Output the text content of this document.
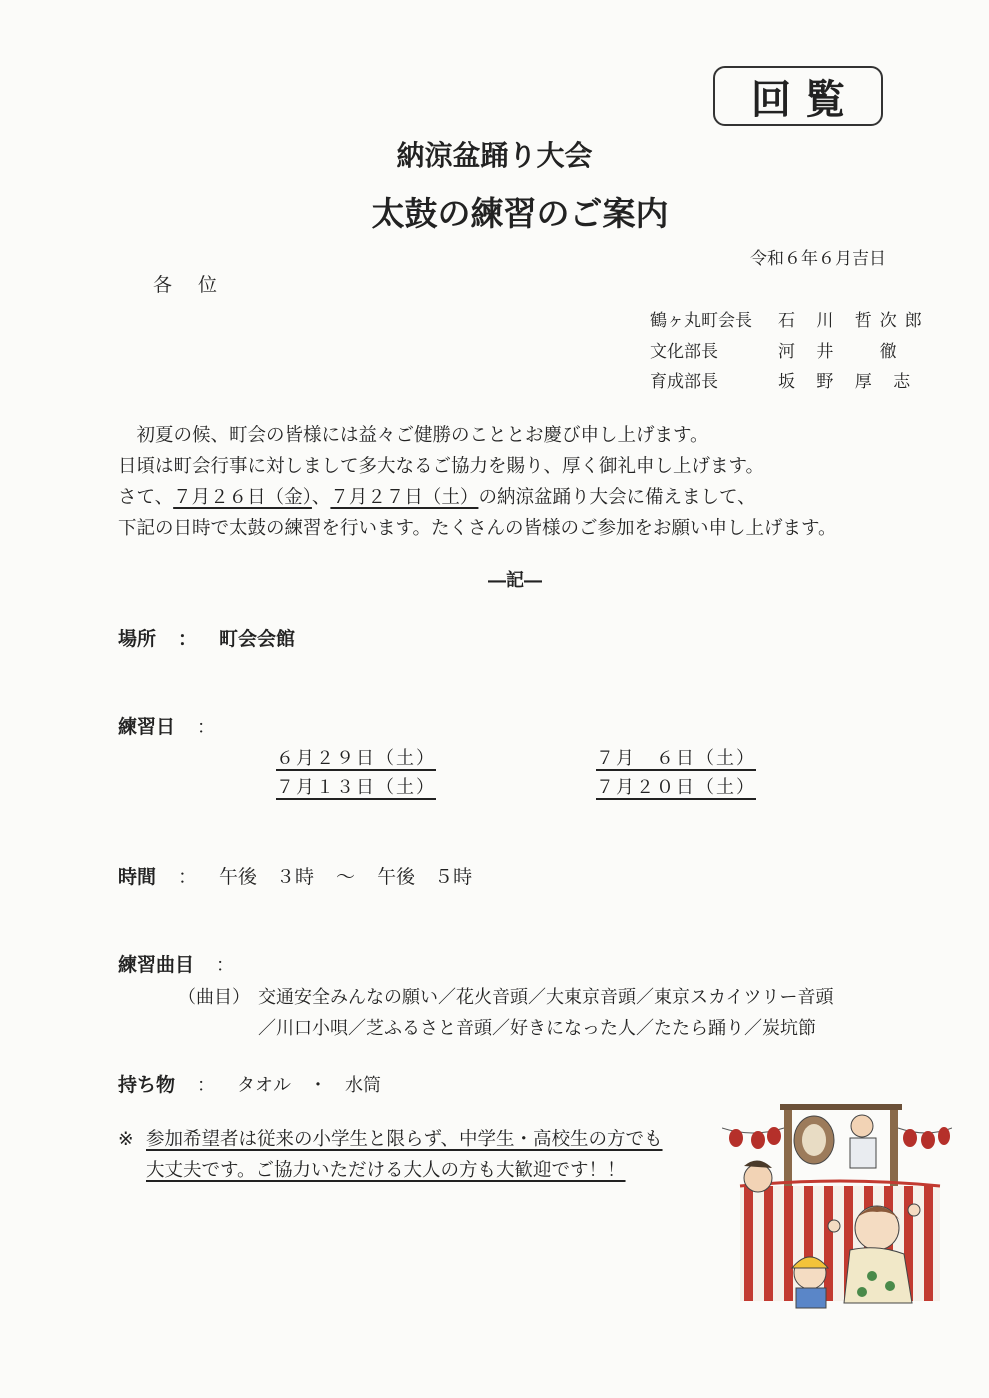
回覧
納涼盆踊り大会
太鼓の練習のご案内
令和６年６月吉日
各位
鶴ヶ丸町会長 石 川 哲次郎
文化部長	河 井 　徹
育成部長	坂 野 厚 志
　初夏の候、町会の皆様には益々ご健勝のこととお慶び申し上げます。
日頃は町会行事に対しまして多大なるご協力を賜り、厚く御礼申し上げます。
さて、７月２６日（金）、７月２７日（土）の納涼盆踊り大会に備えまして、
下記の日時で太鼓の練習を行います。たくさんの皆様のご参加をお願い申し上げます。
―記―
場所 ： 町会会館
練習日 ：
６月２９日（土）	７月　６日（土）
７月１３日（土）	７月２０日（土）
時間 ： 午後　３時 ～ 午後　５時
練習曲目 ：
（曲目） 交通安全みんなの願い／花火音頭／大東京音頭／東京スカイツリー音頭
／川口小唄／芝ふるさと音頭／好きになった人／たたら踊り／炭坑節
持ち物 ： タオル　・　水筒
※ 参加希望者は従来の小学生と限らず、中学生・高校生の方でも
大丈夫です。ご協力いただける大人の方も大歓迎です！！
